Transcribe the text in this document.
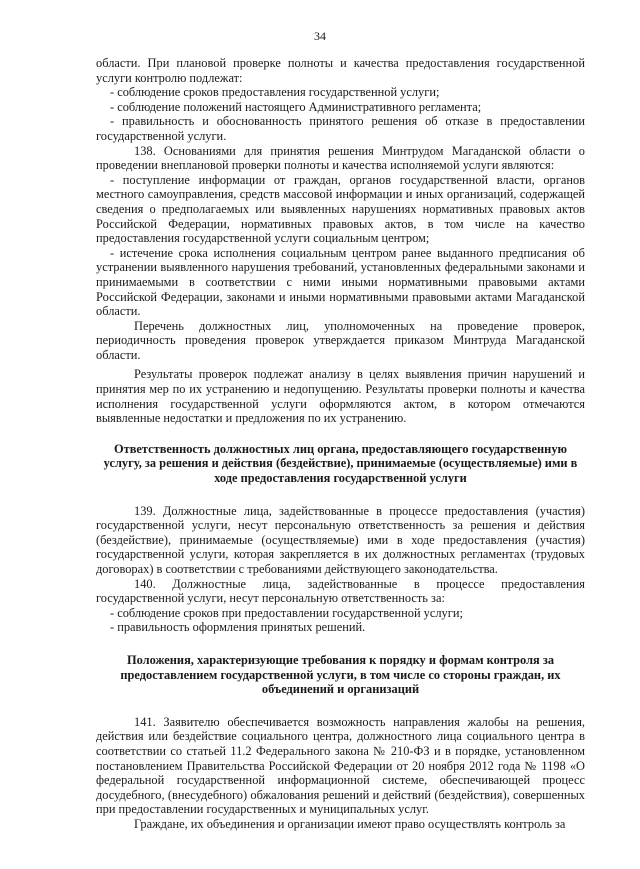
34

области. При плановой проверке полноты и качества предоставления государственной услуги контролю подлежат:

- соблюдение сроков предоставления государственной услуги;

- соблюдение положений настоящего Административного регламента;

- правильность и обоснованность принятого решения об отказе в предоставлении государственной услуги.

138. Основаниями для принятия решения Минтрудом Магаданской области о проведении внеплановой проверки полноты и качества исполняемой услуги являются:

- поступление информации от граждан, органов государственной власти, органов местного самоуправления, средств массовой информации и иных организаций, содержащей сведения о предполагаемых или выявленных нарушениях нормативных правовых актов Российской Федерации, нормативных правовых актов, в том числе на качество предоставления государственной услуги социальным центром;

- истечение срока исполнения социальным центром ранее выданного предписания об устранении выявленного нарушения требований, установленных федеральными законами и принимаемыми в соответствии с ними иными нормативными правовыми актами Российской Федерации, законами и иными нормативными правовыми актами Магаданской области.

Перечень должностных лиц, уполномоченных на проведение проверок, периодичность проведения проверок утверждается приказом Минтруда Магаданской области.

Результаты проверок подлежат анализу в целях выявления причин нарушений и принятия мер по их устранению и недопущению. Результаты проверки полноты и качества исполнения государственной услуги оформляются актом, в котором отмечаются выявленные недостатки и предложения по их устранению.

Ответственность должностных лиц органа, предоставляющего государственную услугу, за решения и действия (бездействие), принимаемые (осуществляемые) ими в ходе предоставления государственной услуги

139. Должностные лица, задействованные в процессе предоставления (участия) государственной услуги, несут персональную ответственность за решения и действия (бездействие), принимаемые (осуществляемые) ими в ходе предоставления (участия) государственной услуги, которая закрепляется в их должностных регламентах (трудовых договорах) в соответствии с требованиями действующего законодательства.

140. Должностные лица, задействованные в процессе предоставления государственной услуги, несут персональную ответственность за:

- соблюдение сроков при предоставлении государственной услуги;

- правильность оформления принятых решений.

Положения, характеризующие требования к порядку и формам контроля за предоставлением государственной услуги, в том числе со стороны граждан, их объединений и организаций

141. Заявителю обеспечивается возможность направления жалобы на решения, действия или бездействие социального центра, должностного лица социального центра в соответствии со статьей 11.2 Федерального закона № 210-ФЗ и в порядке, установленном постановлением Правительства Российской Федерации от 20 ноября 2012 года № 1198 «О федеральной государственной информационной системе, обеспечивающей процесс досудебного, (внесудебного) обжалования решений и действий (бездействия), совершенных при предоставлении государственных и муниципальных услуг.

Граждане, их объединения и организации имеют право осуществлять контроль за
